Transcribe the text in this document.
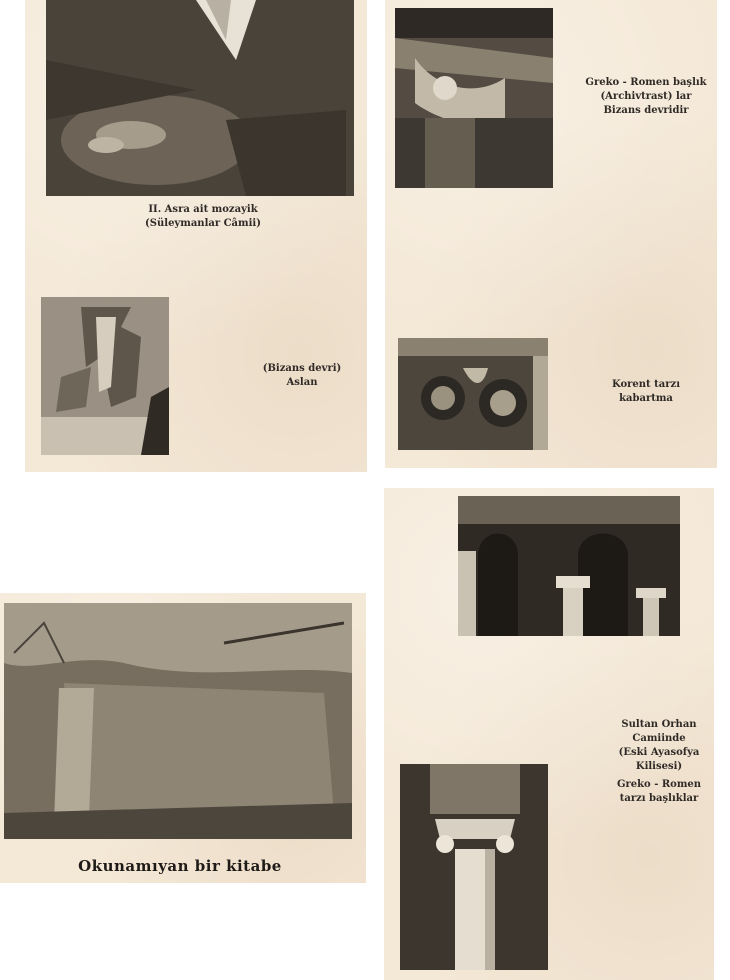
II. Asra ait mozayik
(Süleymanlar Câmii)
(Bizans devri)
Aslan
Greko - Romen başlık
(Archivtrast) lar
Bizans devridir
Korent tarzı
kabartma
Okunamıyan bir kitabe
Sultan Orhan
Camiinde
(Eski Ayasofya
Kilisesi)
Greko - Romen
tarzı başlıklar
